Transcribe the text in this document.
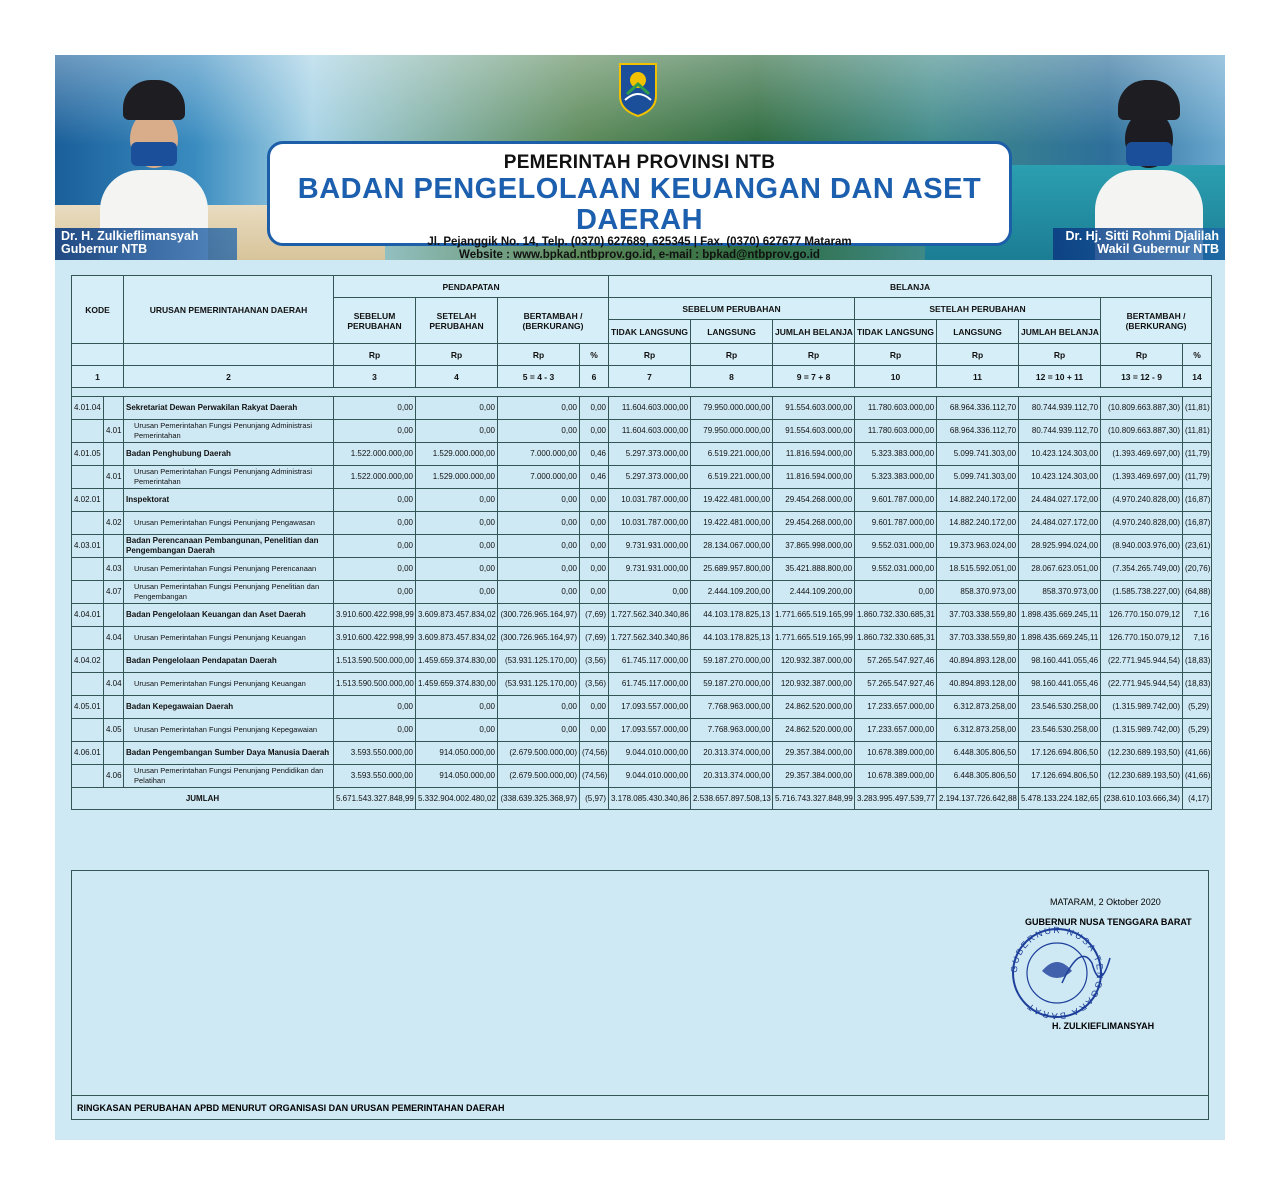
Dr. H. Zulkieflimansyah
Gubernur NTB
Dr. Hj. Sitti Rohmi Djalilah
Wakil Gubernur NTB
PEMERINTAH PROVINSI NTB
BADAN PENGELOLAAN KEUANGAN DAN ASET DAERAH
Jl. Pejanggik No. 14, Telp. (0370) 627689, 625345 | Fax. (0370) 627677 Mataram
Website : www.bpkad.ntbprov.go.id, e-mail : bpkad@ntbprov.go.id
KODE		URUSAN PEMERINTAHANAN DAERAH	PENDAPATAN				BELANJA							
			SEBELUM PERUBAHAN	SETELAH PERUBAHAN	BERTAMBAH / (BERKURANG)		SEBELUM PERUBAHAN			SETELAH PERUBAHAN			BERTAMBAH / (BERKURANG)	
							TIDAK LANGSUNG	LANGSUNG	JUMLAH BELANJA	TIDAK LANGSUNG	LANGSUNG	JUMLAH BELANJA		
			Rp	Rp	Rp	%	Rp	Rp	Rp	Rp	Rp	Rp	Rp	%
1		2	3	4	5 = 4 - 3	6	7	8	9 = 7 + 8	10	11	12 = 10 + 11	13 = 12 - 9	14

4.01.04		Sekretariat Dewan Perwakilan Rakyat Daerah	0,00	0,00	0,00	0,00	11.604.603.000,00	79.950.000.000,00	91.554.603.000,00	11.780.603.000,00	68.964.336.112,70	80.744.939.112,70	(10.809.663.887,30)	(11,81)
	4.01	Urusan Pemerintahan Fungsi Penunjang Administrasi Pemerintahan	0,00	0,00	0,00	0,00	11.604.603.000,00	79.950.000.000,00	91.554.603.000,00	11.780.603.000,00	68.964.336.112,70	80.744.939.112,70	(10.809.663.887,30)	(11,81)
4.01.05		Badan Penghubung Daerah	1.522.000.000,00	1.529.000.000,00	7.000.000,00	0,46	5.297.373.000,00	6.519.221.000,00	11.816.594.000,00	5.323.383.000,00	5.099.741.303,00	10.423.124.303,00	(1.393.469.697,00)	(11,79)
	4.01	Urusan Pemerintahan Fungsi Penunjang Administrasi Pemerintahan	1.522.000.000,00	1.529.000.000,00	7.000.000,00	0,46	5.297.373.000,00	6.519.221.000,00	11.816.594.000,00	5.323.383.000,00	5.099.741.303,00	10.423.124.303,00	(1.393.469.697,00)	(11,79)
4.02.01		Inspektorat	0,00	0,00	0,00	0,00	10.031.787.000,00	19.422.481.000,00	29.454.268.000,00	9.601.787.000,00	14.882.240.172,00	24.484.027.172,00	(4.970.240.828,00)	(16,87)
	4.02	Urusan Pemerintahan Fungsi Penunjang Pengawasan	0,00	0,00	0,00	0,00	10.031.787.000,00	19.422.481.000,00	29.454.268.000,00	9.601.787.000,00	14.882.240.172,00	24.484.027.172,00	(4.970.240.828,00)	(16,87)
4.03.01		Badan Perencanaan Pembangunan, Penelitian dan Pengembangan Daerah	0,00	0,00	0,00	0,00	9.731.931.000,00	28.134.067.000,00	37.865.998.000,00	9.552.031.000,00	19.373.963.024,00	28.925.994.024,00	(8.940.003.976,00)	(23,61)
	4.03	Urusan Pemerintahan Fungsi Penunjang Perencanaan	0,00	0,00	0,00	0,00	9.731.931.000,00	25.689.957.800,00	35.421.888.800,00	9.552.031.000,00	18.515.592.051,00	28.067.623.051,00	(7.354.265.749,00)	(20,76)
	4.07	Urusan Pemerintahan Fungsi Penunjang Penelitian dan Pengembangan	0,00	0,00	0,00	0,00	0,00	2.444.109.200,00	2.444.109.200,00	0,00	858.370.973,00	858.370.973,00	(1.585.738.227,00)	(64,88)
4.04.01		Badan Pengelolaan Keuangan dan Aset Daerah	3.910.600.422.998,99	3.609.873.457.834,02	(300.726.965.164,97)	(7,69)	1.727.562.340.340,86	44.103.178.825,13	1.771.665.519.165,99	1.860.732.330.685,31	37.703.338.559,80	1.898.435.669.245,11	126.770.150.079,12	7,16
	4.04	Urusan Pemerintahan Fungsi Penunjang Keuangan	3.910.600.422.998,99	3.609.873.457.834,02	(300.726.965.164,97)	(7,69)	1.727.562.340.340,86	44.103.178.825,13	1.771.665.519.165,99	1.860.732.330.685,31	37.703.338.559,80	1.898.435.669.245,11	126.770.150.079,12	7,16
4.04.02		Badan Pengelolaan Pendapatan Daerah	1.513.590.500.000,00	1.459.659.374.830,00	(53.931.125.170,00)	(3,56)	61.745.117.000,00	59.187.270.000,00	120.932.387.000,00	57.265.547.927,46	40.894.893.128,00	98.160.441.055,46	(22.771.945.944,54)	(18,83)
	4.04	Urusan Pemerintahan Fungsi Penunjang Keuangan	1.513.590.500.000,00	1.459.659.374.830,00	(53.931.125.170,00)	(3,56)	61.745.117.000,00	59.187.270.000,00	120.932.387.000,00	57.265.547.927,46	40.894.893.128,00	98.160.441.055,46	(22.771.945.944,54)	(18,83)
4.05.01		Badan Kepegawaian Daerah	0,00	0,00	0,00	0,00	17.093.557.000,00	7.768.963.000,00	24.862.520.000,00	17.233.657.000,00	6.312.873.258,00	23.546.530.258,00	(1.315.989.742,00)	(5,29)
	4.05	Urusan Pemerintahan Fungsi Penunjang Kepegawaian	0,00	0,00	0,00	0,00	17.093.557.000,00	7.768.963.000,00	24.862.520.000,00	17.233.657.000,00	6.312.873.258,00	23.546.530.258,00	(1.315.989.742,00)	(5,29)
4.06.01		Badan Pengembangan Sumber Daya Manusia Daerah	3.593.550.000,00	914.050.000,00	(2.679.500.000,00)	(74,56)	9.044.010.000,00	20.313.374.000,00	29.357.384.000,00	10.678.389.000,00	6.448.305.806,50	17.126.694.806,50	(12.230.689.193,50)	(41,66)
	4.06	Urusan Pemerintahan Fungsi Penunjang Pendidikan dan Pelatihan	3.593.550.000,00	914.050.000,00	(2.679.500.000,00)	(74,56)	9.044.010.000,00	20.313.374.000,00	29.357.384.000,00	10.678.389.000,00	6.448.305.806,50	17.126.694.806,50	(12.230.689.193,50)	(41,66)
JUMLAH			5.671.543.327.848,99	5.332.904.002.480,02	(338.639.325.368,97)	(5,97)	3.178.085.430.340,86	2.538.657.897.508,13	5.716.743.327.848,99	3.283.995.497.539,77	2.194.137.726.642,88	5.478.133.224.182,65	(238.610.103.666,34)	(4,17)
MATARAM, 2 Oktober 2020
GUBERNUR NUSA TENGGARA BARAT
GUBERNUR NUSA TENGGARA BARAT
H. ZULKIEFLIMANSYAH
RINGKASAN PERUBAHAN APBD MENURUT ORGANISASI DAN URUSAN PEMERINTAHAN DAERAH
